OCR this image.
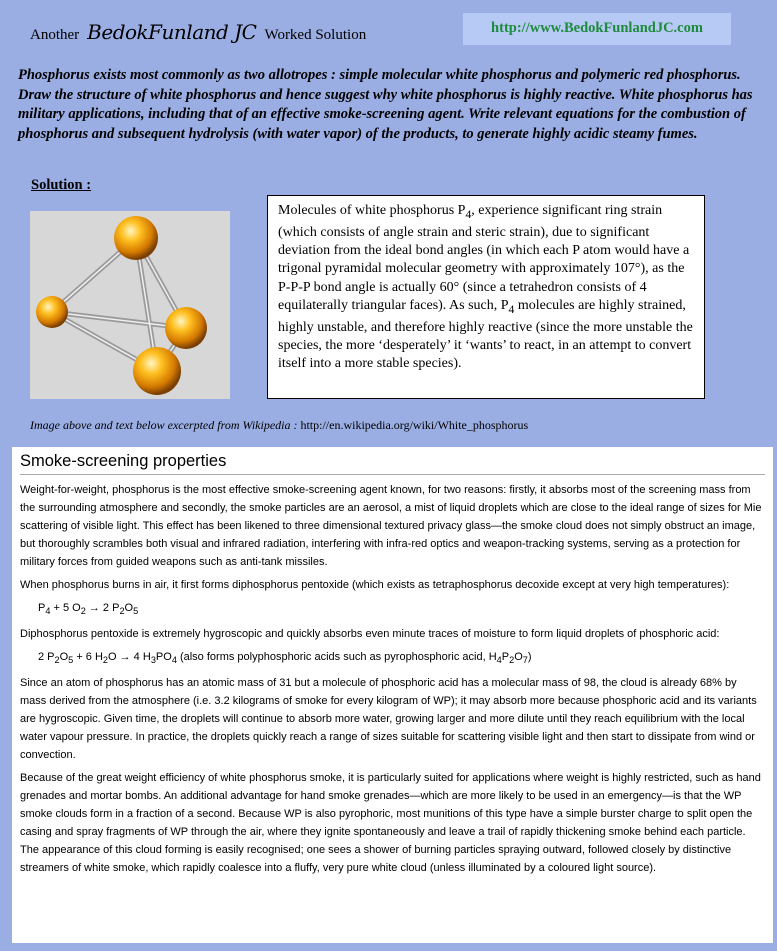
Another BedokFunland JC Worked Solution	http://www.BedokFunlandJC.com
Phosphorus exists most commonly as two allotropes : simple molecular white phosphorus and polymeric red phosphorus. Draw the structure of white phosphorus and hence suggest why white phosphorus is highly reactive. White phosphorus has military applications, including that of an effective smoke-screening agent. Write relevant equations for the combustion of phosphorus and subsequent hydrolysis (with water vapor) of the products, to generate highly acidic steamy fumes.
Solution :
Molecules of white phosphorus $P_4$, experience significant ring strain (which consists of angle strain and steric strain), due to significant deviation from the ideal bond angles (in which each P atom would have a trigonal pyramidal molecular geometry with approximately 107°), as the P-P-P bond angle is actually 60° (since a tetrahedron consists of 4 equilaterally triangular faces). As such, $P_4$ molecules are highly strained, highly unstable, and therefore highly reactive (since the more unstable the species, the more ‘desperately’ it ‘wants’ to react, in an attempt to convert itself into a more stable species).
Image above and text below excerpted from Wikipedia : http://en.wikipedia.org/wiki/White_phosphorus
Smoke-screening properties

Weight-for-weight, phosphorus is the most effective smoke-screening agent known, for two reasons: firstly, it absorbs most of the screening mass from the surrounding atmosphere and secondly, the smoke particles are an aerosol, a mist of liquid droplets which are close to the ideal range of sizes for Mie scattering of visible light. This effect has been likened to three dimensional textured privacy glass—the smoke cloud does not simply obstruct an image, but thoroughly scrambles both visual and infrared radiation, interfering with infra-red optics and weapon-tracking systems, serving as a protection for military forces from guided weapons such as anti-tank missiles.

When phosphorus burns in air, it first forms diphosphorus pentoxide (which exists as tetraphosphorus decoxide except at very high temperatures):

$P_4 + 5$ $O_2 \to 2$ $P_2O_5$

Diphosphorus pentoxide is extremely hygroscopic and quickly absorbs even minute traces of moisture to form liquid droplets of phosphoric acid:

2 $P_2O_5 + 6$ $H_2O \to 4$ $H_3PO_4$ (also forms polyphosphoric acids such as pyrophosphoric acid, $H_4P_2O_7$)

Since an atom of phosphorus has an atomic mass of 31 but a molecule of phosphoric acid has a molecular mass of 98, the cloud is already 68% by mass derived from the atmosphere (i.e. 3.2 kilograms of smoke for every kilogram of WP); it may absorb more because phosphoric acid and its variants are hygroscopic. Given time, the droplets will continue to absorb more water, growing larger and more dilute until they reach equilibrium with the local water vapour pressure. In practice, the droplets quickly reach a range of sizes suitable for scattering visible light and then start to dissipate from wind or convection.

Because of the great weight efficiency of white phosphorus smoke, it is particularly suited for applications where weight is highly restricted, such as hand grenades and mortar bombs. An additional advantage for hand smoke grenades—which are more likely to be used in an emergency—is that the WP smoke clouds form in a fraction of a second. Because WP is also pyrophoric, most munitions of this type have a simple burster charge to split open the casing and spray fragments of WP through the air, where they ignite spontaneously and leave a trail of rapidly thickening smoke behind each particle. The appearance of this cloud forming is easily recognised; one sees a shower of burning particles spraying outward, followed closely by distinctive streamers of white smoke, which rapidly coalesce into a fluffy, very pure white cloud (unless illuminated by a coloured light source).
